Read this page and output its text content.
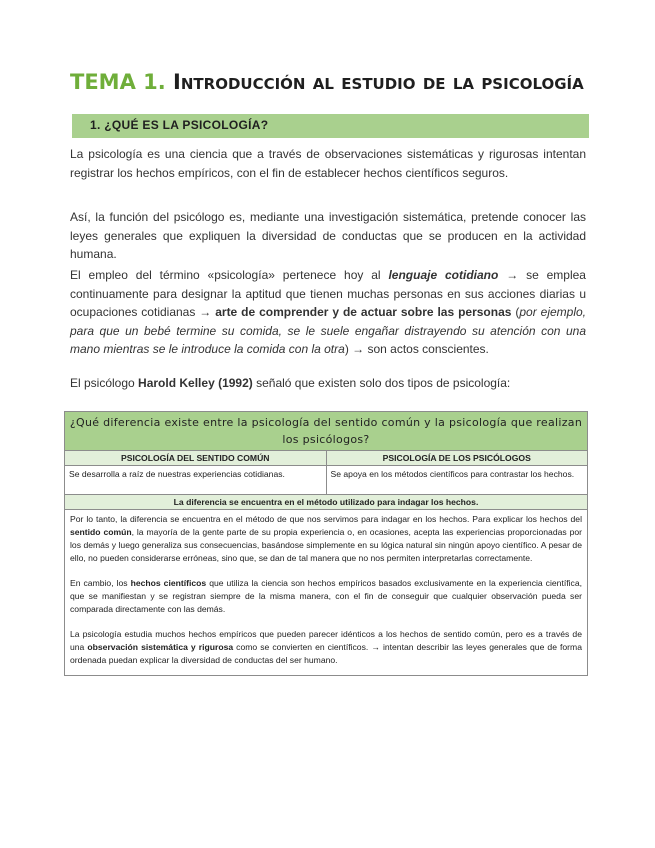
TEMA 1. Introducción al estudio de la psicología
1. ¿QUÉ ES LA PSICOLOGÍA?
La psicología es una ciencia que a través de observaciones sistemáticas y rigurosas intentan registrar los hechos empíricos, con el fin de establecer hechos científicos seguros.
Así, la función del psicólogo es, mediante una investigación sistemática, pretende conocer las leyes generales que expliquen la diversidad de conductas que se producen en la actividad humana.
El empleo del término «psicología» pertenece hoy al lenguaje cotidiano → se emplea continuamente para designar la aptitud que tienen muchas personas en sus acciones diarias u ocupaciones cotidianas → arte de comprender y de actuar sobre las personas (por ejemplo, para que un bebé termine su comida, se le suele engañar distrayendo su atención con una mano mientras se le introduce la comida con la otra) → son actos conscientes.
El psicólogo Harold Kelley (1992) señaló que existen solo dos tipos de psicología:
¿Qué diferencia existe entre la psicología del sentido común y la psicología que realizan los psicólogos?	
PSICOLOGÍA DEL SENTIDO COMÚN	PSICOLOGÍA DE LOS PSICÓLOGOS
Se desarrolla a raíz de nuestras experiencias cotidianas.	Se apoya en los métodos científicos para contrastar los hechos.
La diferencia se encuentra en el método utilizado para indagar los hechos.	

Por lo tanto, la diferencia se encuentra en el método de que nos servimos para indagar en los hechos. Para explicar los hechos del sentido común, la mayoría de la gente parte de su propia experiencia o, en ocasiones, acepta las experiencias proporcionadas por los demás y luego generaliza sus consecuencias, basándose simplemente en su lógica natural sin ningún apoyo científico. A pesar de ello, no pueden considerarse erróneas, sino que, se dan de tal manera que no nos permiten interpretarlas correctamente.

En cambio, los hechos científicos que utiliza la ciencia son hechos empíricos basados exclusivamente en la experiencia científica, que se manifiestan y se registran siempre de la misma manera, con el fin de conseguir que cualquier observación pueda ser comparada directamente con las demás.

La psicología estudia muchos hechos empíricos que pueden parecer idénticos a los hechos de sentido común, pero es a través de una observación sistemática y rigurosa como se convierten en científicos. → intentan describir las leyes generales que de forma ordenada puedan explicar la diversidad de conductas del ser humano.	
